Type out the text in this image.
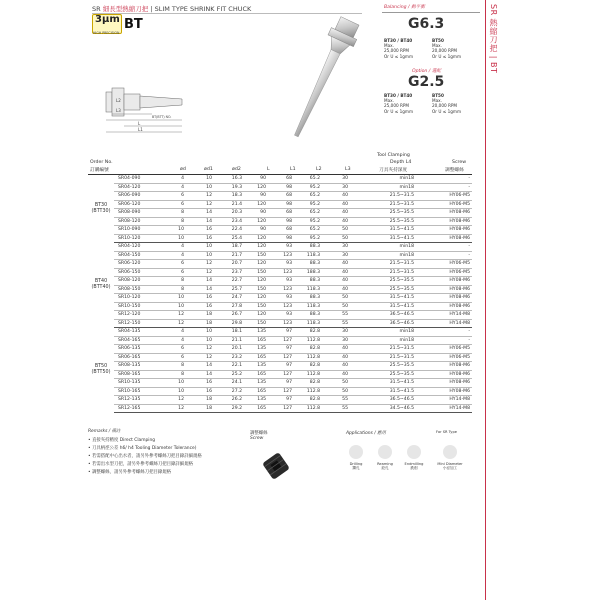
SR 細長型熱縮刀把 | SLIM TYPE SHRINK FIT CHUCK	SR 熱縮刀把 | BT
3μm
HIGH PRECISION
BT
L2
L3
L
L1
BT(BTT) NO.
Balancing / 動平衡
G6.3
BT30 / BT40
Max.
25,000 RPM
Or U ≤ 1gmm
BT50
Max.
20,000 RPM
Or U ≤ 1gmm
Option / 選配
G2.5
BT30 / BT40
Max.
25,000 RPM
Or U ≤ 1gmm
BT50
Max.
20,000 RPM
Or U ≤ 1gmm
Order No.
訂購編號	ød	ød1	ød2	L	L1	L2	L3
Tool Clamping
Depth L4
刀具夾持深度
Screw
調整螺絲
BT30
(BTT30)	SR04-090	4	10	16.3	90	68	65.2	30	min18	-
	SR04-120	4	10	19.3	120	98	95.2	30	min18	-
	SR06-090	6	12	18.3	90	68	65.2	40	21.5~31.5	HY06-M5
	SR06-120	6	12	21.4	120	98	95.2	40	21.5~31.5	HY06-M5
	SR08-090	8	14	20.3	90	68	65.2	40	25.5~35.5	HY08-M6
	SR08-120	8	14	23.4	120	98	95.2	40	25.5~35.5	HY08-M6
	SR10-090	10	16	22.4	90	68	65.2	50	31.5~41.5	HY08-M6
	SR10-120	10	16	25.4	120	98	95.2	50	31.5~41.5	HY08-M6
BT40
(BTT40)	SR04-120	4	10	18.7	120	93	88.3	30	min18	-
	SR04-150	4	10	21.7	150	123	118.3	30	min18	-
	SR06-120	6	12	20.7	120	93	88.3	40	21.5~31.5	HY06-M5
	SR06-150	6	12	23.7	150	123	188.3	40	21.5~31.5	HY06-M5
	SR08-120	8	14	22.7	120	93	88.3	40	25.5~35.5	HY08-M6
	SR08-150	8	14	25.7	150	123	118.3	40	25.5~35.5	HY08-M6
	SR10-120	10	16	24.7	120	93	88.3	50	31.5~41.5	HY08-M6
	SR10-150	10	16	27.8	150	123	118.3	50	31.5~41.5	HY08-M6
	SR12-120	12	18	26.7	120	93	88.3	55	36.5~46.5	HY14-M8
	SR12-150	12	18	29.8	150	123	118.3	55	36.5~46.5	HY14-M8
BT50
(BTT50)	SR04-135	4	10	18.1	135	97	82.8	30	min18	-
	SR04-165	4	10	21.1	165	127	112.8	30	min18	-
	SR06-135	6	12	20.1	135	97	82.8	40	21.5~31.5	HY06-M5
	SR06-165	6	12	23.2	165	127	112.8	40	21.5~31.5	HY06-M5
	SR08-135	8	14	22.1	135	97	82.8	40	25.5~35.5	HY08-M6
	SR08-165	8	14	25.2	165	127	112.8	40	25.5~35.5	HY08-M6
	SR10-135	10	16	24.1	135	97	82.8	50	31.5~41.5	HY08-M6
	SR10-165	10	16	27.2	165	127	112.8	50	31.5~41.5	HY08-M6
	SR12-135	12	18	26.2	135	97	82.8	55	36.5~46.5	HY14-M8
	SR12-165	12	18	29.2	165	127	112.8	55	34.5~46.5	HY14-M8
Remarks / 備註
• 直接夾持精度 Direct Clamping
• 刀具柄徑公差 h6/ h4 Tooling Diameter Tolerance)
• 若需搭配中心出水者，請另外參考螺絲刀把目錄詳細規格
• 若需出水型刀把，請另外參考螺絲刀把目錄詳細規格
• 調整螺絲，請另外參考螺絲刀把目錄規格
調整螺絲
Screw
Applications / 應用	For SR Type
Drilling
鑽孔
Reaming
鉸孔
Endmilling
銑削
Mini Diameter
小徑加工
